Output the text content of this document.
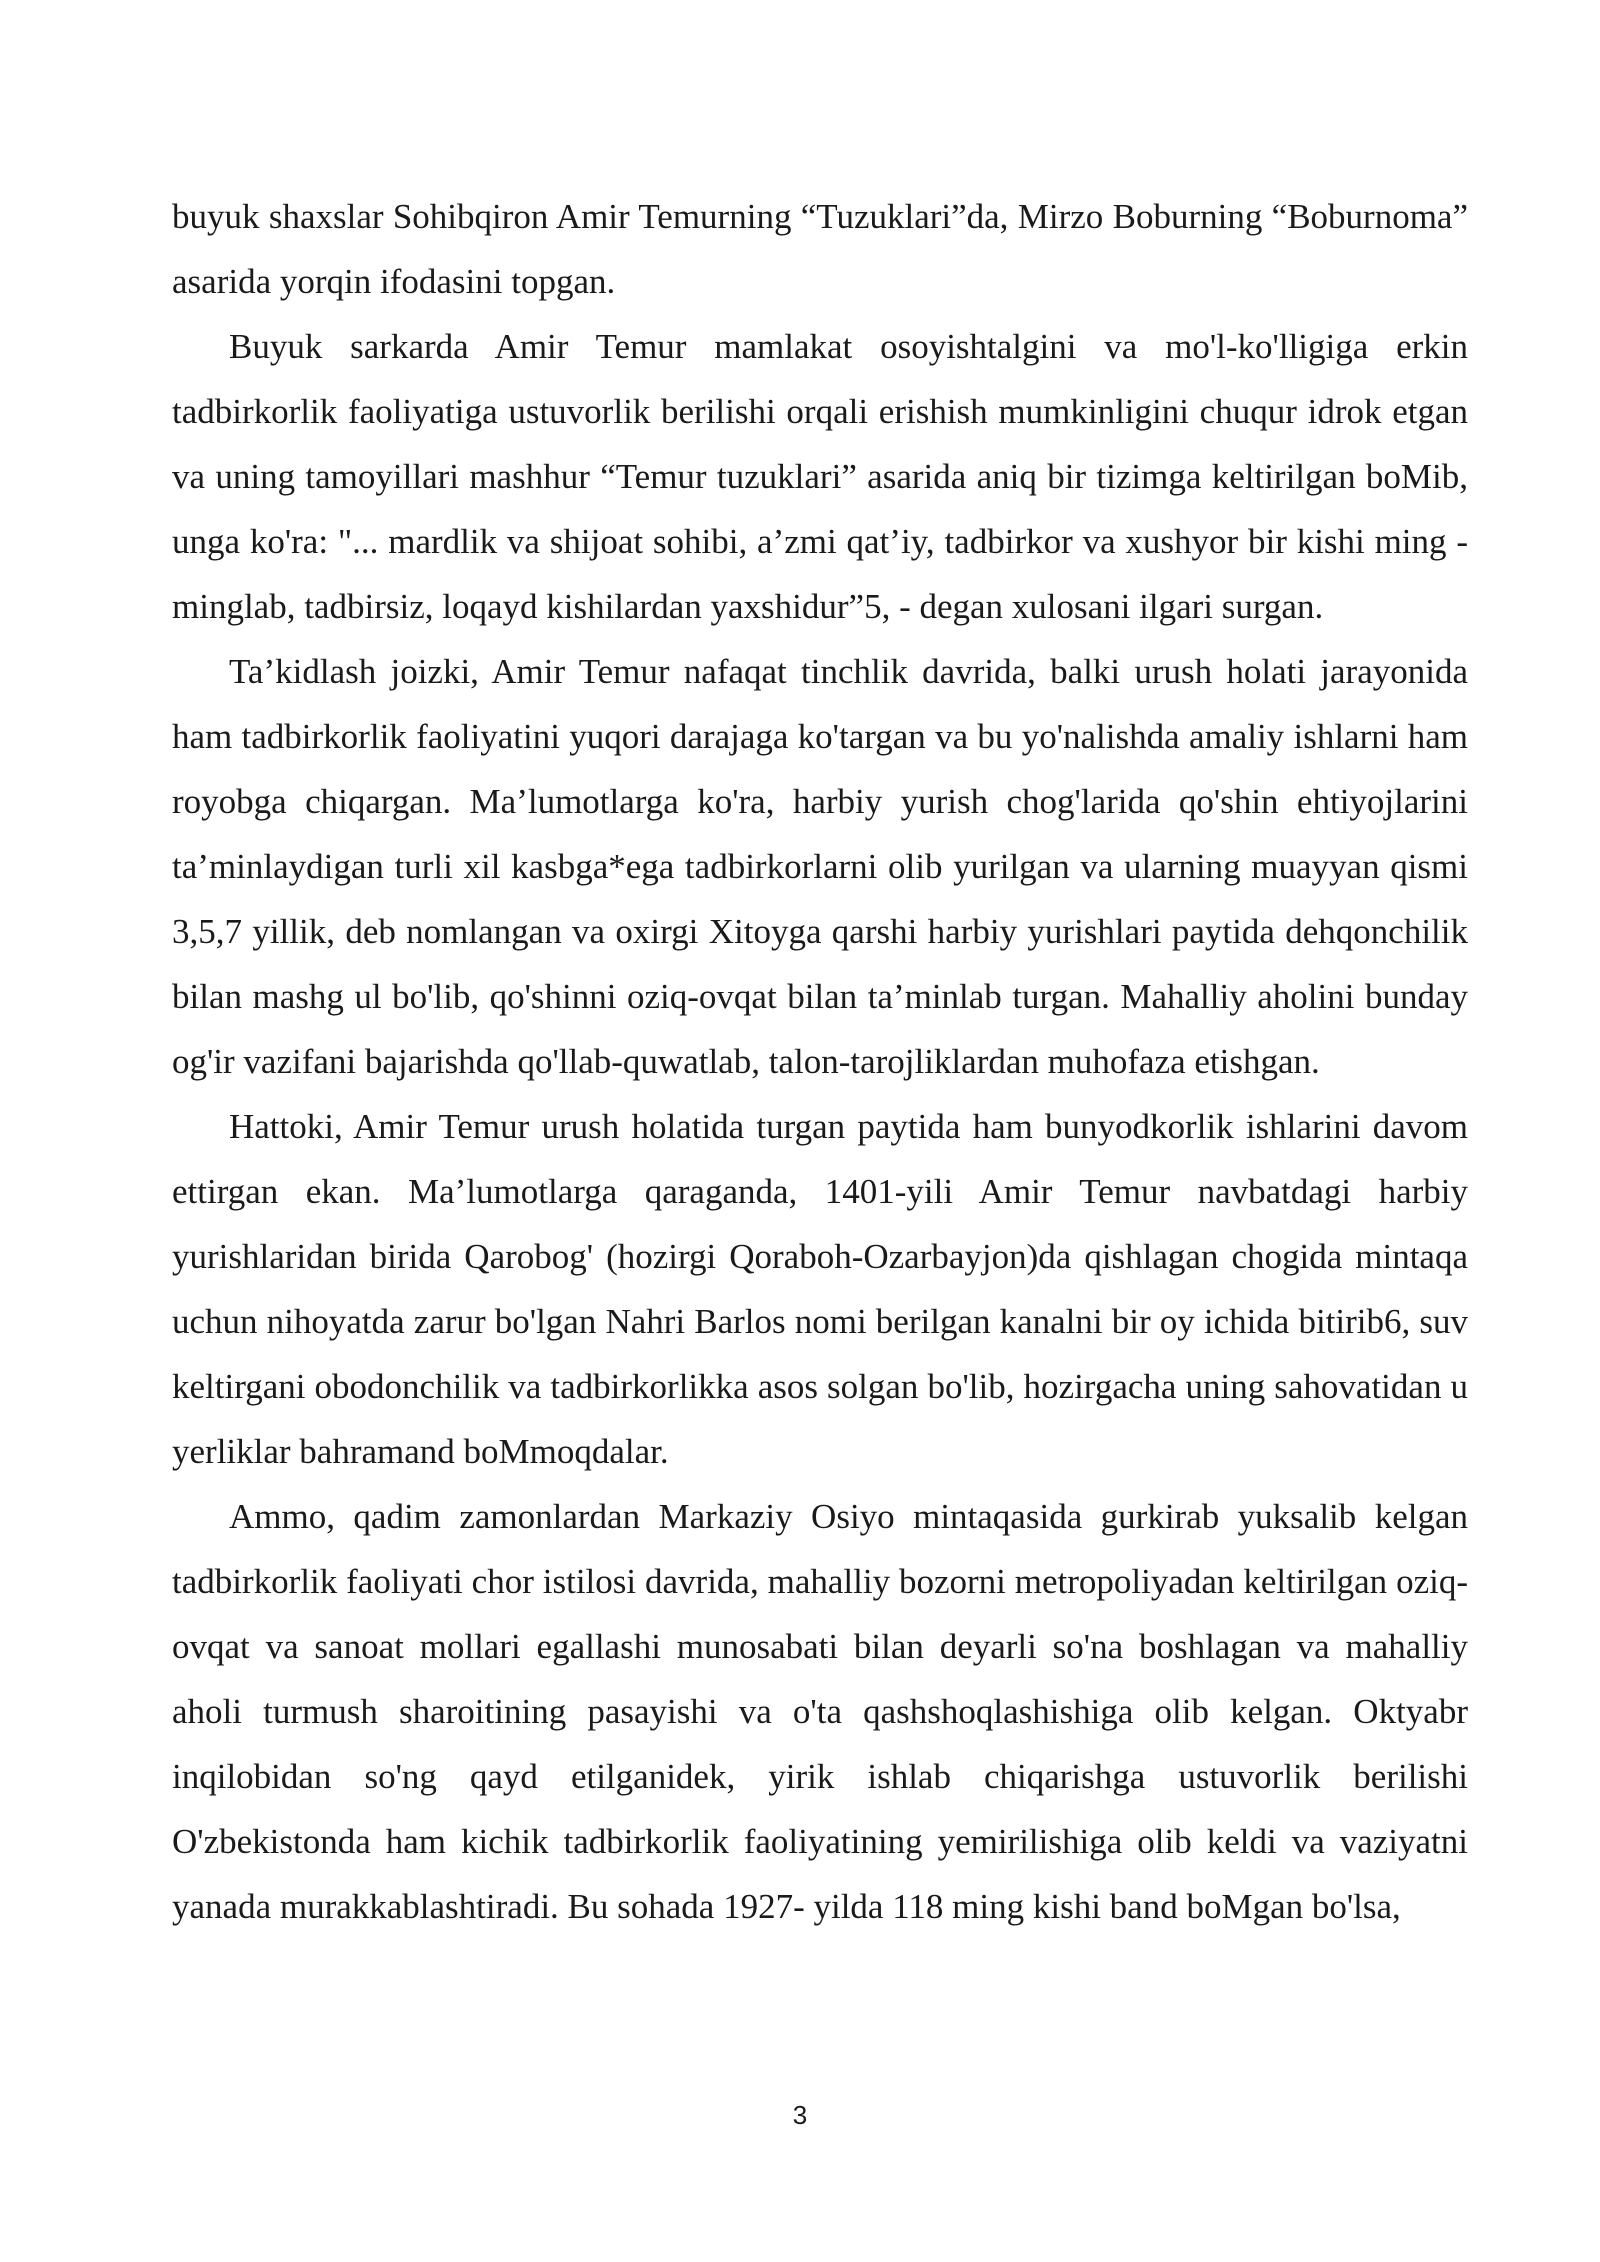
buyuk shaxslar Sohibqiron Amir Temurning “Tuzuklari”da, Mirzo Boburning “Boburnoma” asarida yorqin ifodasini topgan.

Buyuk sarkarda Amir Temur mamlakat osoyishtalgini va mo'l-ko'lligiga erkin tadbirkorlik faoliyatiga ustuvorlik berilishi orqali erishish mumkinligini chuqur idrok etgan va uning tamoyillari mashhur “Temur tuzuklari” asarida aniq bir tizimga keltirilgan boMib, unga ko'ra: "... mardlik va shijoat sohibi, a’zmi qat’iy, tadbirkor va xushyor bir kishi ming - minglab, tadbirsiz, loqayd kishilardan yaxshidur”5, - degan xulosani ilgari surgan.

Ta’kidlash joizki, Amir Temur nafaqat tinchlik davrida, balki urush holati jarayonida ham tadbirkorlik faoliyatini yuqori darajaga ko'targan va bu yo'nalishda amaliy ishlarni ham royobga chiqargan. Ma’lumotlarga ko'ra, harbiy yurish chog'larida qo'shin ehtiyojlarini ta’minlaydigan turli xil kasbga*ega tadbirkorlarni olib yurilgan va ularning muayyan qismi 3,5,7 yillik, deb nomlangan va oxirgi Xitoyga qarshi harbiy yurishlari paytida dehqonchilik bilan mashg ul bo'lib, qo'shinni oziq-ovqat bilan ta’minlab turgan. Mahalliy aholini bunday og'ir vazifani bajarishda qo'llab-quwatlab, talon-tarojliklardan muhofaza etishgan.

Hattoki, Amir Temur urush holatida turgan paytida ham bunyodkorlik ishlarini davom ettirgan ekan. Ma’lumotlarga qaraganda, 1401-yili Amir Temur navbatdagi harbiy yurishlaridan birida Qarobog' (hozirgi Qoraboh-Ozarbayjon)da qishlagan chogida mintaqa uchun nihoyatda zarur bo'lgan Nahri Barlos nomi berilgan kanalni bir oy ichida bitirib6, suv keltirgani obodonchilik va tadbirkorlikka asos solgan bo'lib, hozirgacha uning sahovatidan u yerliklar bahramand boMmoqdalar.

Ammo, qadim zamonlardan Markaziy Osiyo mintaqasida gurkirab yuksalib kelgan tadbirkorlik faoliyati chor istilosi davrida, mahalliy bozorni metropoliyadan keltirilgan oziq-ovqat va sanoat mollari egallashi munosabati bilan deyarli so'na boshlagan va mahalliy aholi turmush sharoitining pasayishi va o'ta qashshoqlashishiga olib kelgan. Oktyabr inqilobidan so'ng qayd etilganidek, yirik ishlab chiqarishga ustuvorlik berilishi O'zbekistonda ham kichik tadbirkorlik faoliyatining yemirilishiga olib keldi va vaziyatni yanada murakkablashtiradi. Bu sohada 1927- yilda 118 ming kishi band boMgan bo'lsa,

3
